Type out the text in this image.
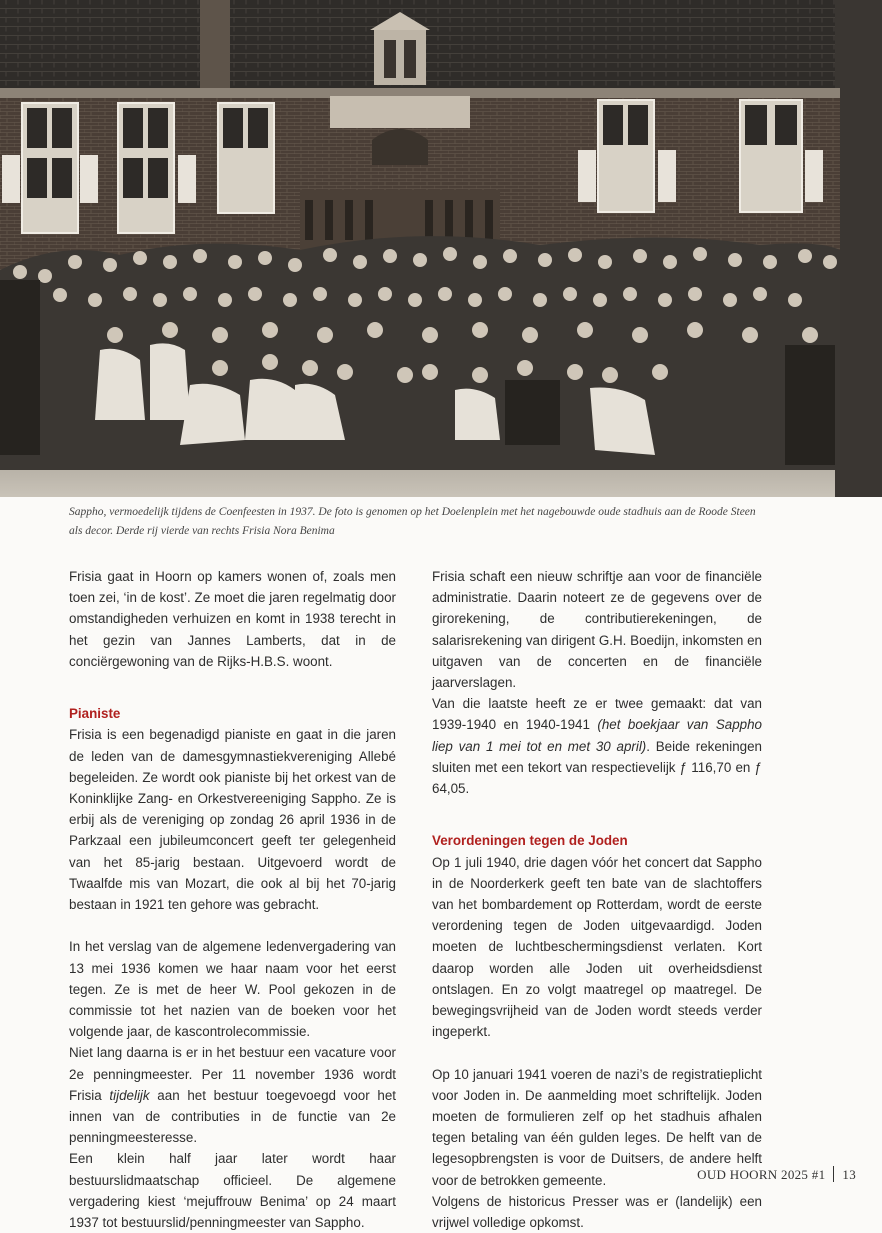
Sappho, vermoedelijk tijdens de Coenfeesten in 1937. De foto is genomen op het Doelenplein met het nagebouwde oude stadhuis aan de Roode Steen als decor. Derde rij vierde van rechts Frisia Nora Benima

Frisia gaat in Hoorn op kamers wonen of, zoals men toen zei, ‘in de kost’. Ze moet die jaren regelmatig door omstandigheden verhuizen en komt in 1938 terecht in het gezin van Jannes Lamberts, dat in de conciërgewoning van de Rijks-H.B.S. woont.

Pianiste

Frisia is een begenadigd pianiste en gaat in die jaren de leden van de damesgymnastiekvereniging Allebé begeleiden. Ze wordt ook pianiste bij het orkest van de Koninklijke Zang- en Orkestvereeniging Sappho. Ze is erbij als de vereniging op zondag 26 april 1936 in de Parkzaal een jubileumconcert geeft ter gelegenheid van het 85-jarig bestaan. Uitgevoerd wordt de Twaalfde mis van Mozart, die ook al bij het 70-jarig bestaan in 1921 ten gehore was gebracht.

In het verslag van de algemene ledenvergadering van 13 mei 1936 komen we haar naam voor het eerst tegen. Ze is met de heer W. Pool gekozen in de commissie tot het nazien van de boeken voor het volgende jaar, de kascontrolecommissie.

Niet lang daarna is er in het bestuur een vacature voor 2e penningmeester. Per 11 november 1936 wordt Frisia tijdelijk aan het bestuur toegevoegd voor het innen van de contributies in de functie van 2e penningmeesteresse.

Een klein half jaar later wordt haar bestuurslidmaatschap officieel. De algemene vergadering kiest ‘mejuffrouw Benima’ op 24 maart 1937 tot bestuurslid/penningmeester van Sappho.

Frisia schaft een nieuw schriftje aan voor de financiële administratie. Daarin noteert ze de gegevens over de girorekening, de contributierekeningen, de salarisrekening van dirigent G.H. Boedijn, inkomsten en uitgaven van de concerten en de financiële jaarverslagen.

Van die laatste heeft ze er twee gemaakt: dat van 1939-1940 en 1940-1941 (het boekjaar van Sappho liep van 1 mei tot en met 30 april). Beide rekeningen sluiten met een tekort van respectievelijk ƒ 116,70 en ƒ 64,05.

Verordeningen tegen de Joden

Op 1 juli 1940, drie dagen vóór het concert dat Sappho in de Noorderkerk geeft ten bate van de slachtoffers van het bombardement op Rotterdam, wordt de eerste verordening tegen de Joden uitgevaardigd. Joden moeten de luchtbeschermingsdienst verlaten. Kort daarop worden alle Joden uit overheidsdienst ontslagen. En zo volgt maatregel op maatregel. De bewegingsvrijheid van de Joden wordt steeds verder ingeperkt.

Op 10 januari 1941 voeren de nazi’s de registratieplicht voor Joden in. De aanmelding moet schriftelijk. Joden moeten de formulieren zelf op het stadhuis afhalen tegen betaling van één gulden leges. De helft van de legesopbrengsten is voor de Duitsers, de andere helft voor de betrokken gemeente.

Volgens de historicus Presser was er (landelijk) een vrijwel volledige opkomst.

OUD HOORN 2025 #1 13
